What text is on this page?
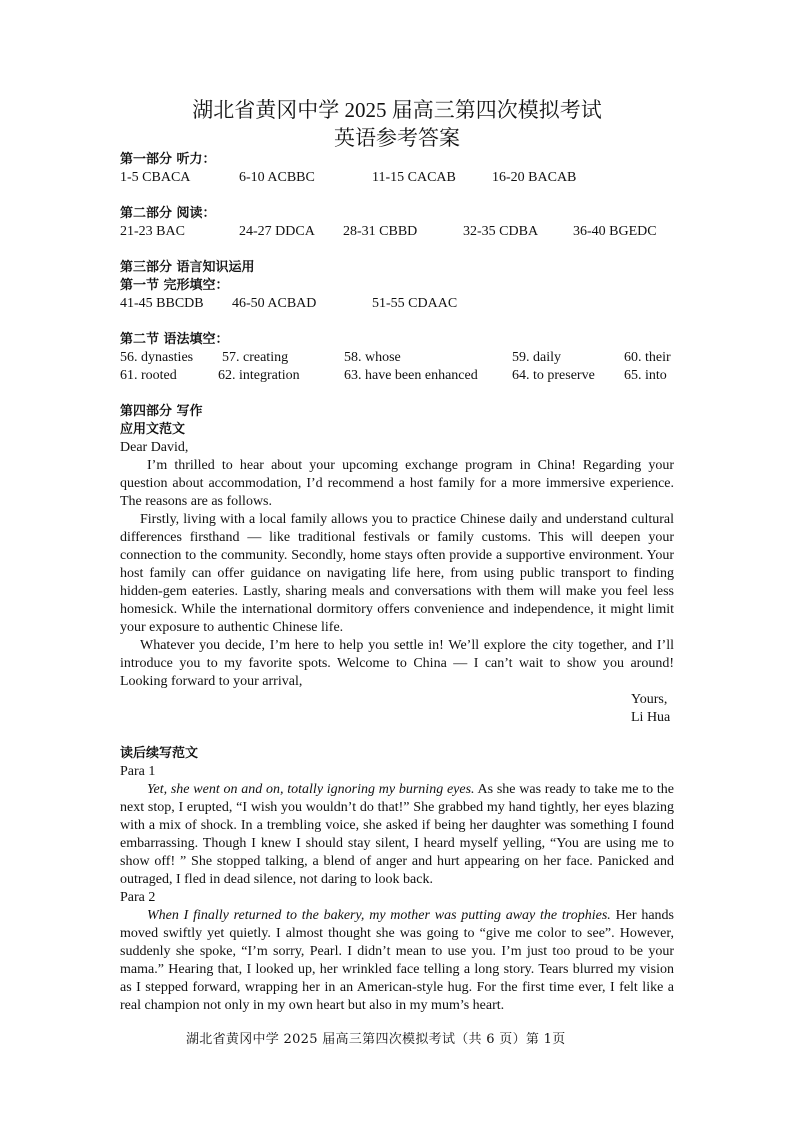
湖北省黄冈中学 2025 届高三第四次模拟考试
英语参考答案
第一部分 听力：
1-5 CBACA	6-10 ACBBC	11-15 CACAB	16-20 BACAB
第二部分 阅读：
21-23 BAC	24-27 DDCA 28-31 CBBD	32-35 CDBA 36-40 BGEDC
第三部分 语言知识运用
第一节 完形填空：
41-45 BBCDB 46-50 ACBAD	51-55 CDAAC
第二节 语法填空：
56. dynasties 57. creating	58. whose	59. daily	60. their
61. rooted	62. integration	63. have been enhanced 64. to preserve 65. into
第四部分 写作
应用文范文
Dear David,

I’m thrilled to hear about your upcoming exchange program in China! Regarding your question about accommodation, I’d recommend a host family for a more immersive experience. The reasons are as follows.

Firstly, living with a local family allows you to practice Chinese daily and understand cultural differences firsthand — like traditional festivals or family customs. This will deepen your connection to the community. Secondly, home stays often provide a supportive environment. Your host family can offer guidance on navigating life here, from using public transport to finding hidden-gem eateries. Lastly, sharing meals and conversations with them will make you feel less homesick. While the international dormitory offers convenience and independence, it might limit your exposure to authentic Chinese life.

Whatever you decide, I’m here to help you settle in! We’ll explore the city together, and I’ll introduce you to my favorite spots. Welcome to China — I can’t wait to show you around! Looking forward to your arrival,

Yours,
Li Hua
读后续写范文
Para 1

Yet, she went on and on, totally ignoring my burning eyes. As she was ready to take me to the next stop, I erupted, “I wish you wouldn’t do that!” She grabbed my hand tightly, her eyes blazing with a mix of shock. In a trembling voice, she asked if being her daughter was something I found embarrassing. Though I knew I should stay silent, I heard myself yelling, “You are using me to show off! ” She stopped talking, a blend of anger and hurt appearing on her face. Panicked and outraged, I fled in dead silence, not daring to look back.

Para 2

When I finally returned to the bakery, my mother was putting away the trophies. Her hands moved swiftly yet quietly. I almost thought she was going to “give me color to see”. However, suddenly she spoke, “I’m sorry, Pearl. I didn’t mean to use you. I’m just too proud to be your mama.” Hearing that, I looked up, her wrinkled face telling a long story. Tears blurred my vision as I stepped forward, wrapping her in an American-style hug. For the first time ever, I felt like a real champion not only in my own heart but also in my mum’s heart.

湖北省黄冈中学 2025 届高三第四次模拟考试（共 6 页）第 1页
